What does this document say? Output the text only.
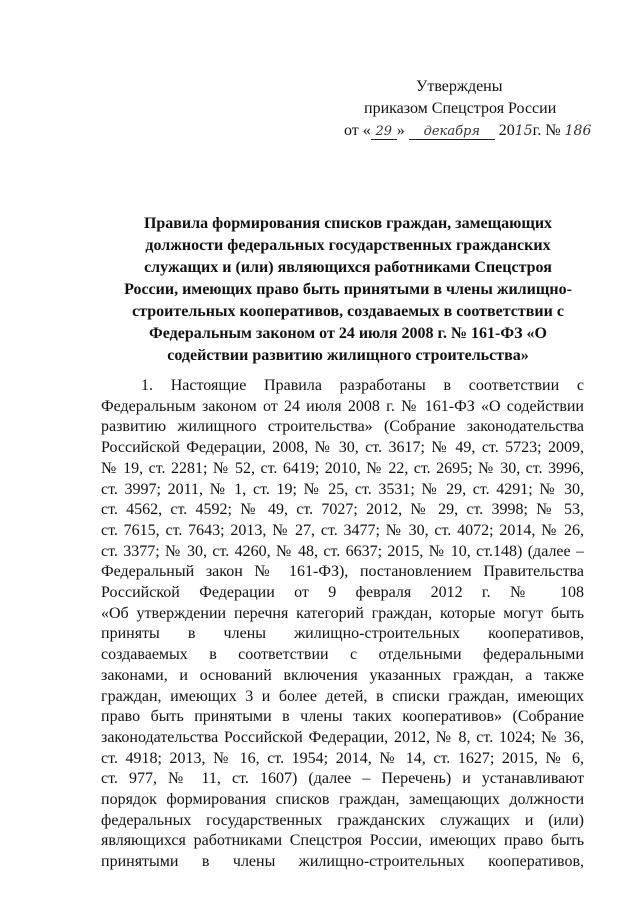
Утверждены
приказом Спецстроя России
от « 29 » декабря 2015г. № 186
Правила формирования списков граждан, замещающих
должности федеральных государственных гражданских
служащих и (или) являющихся работниками Спецстроя
России, имеющих право быть принятыми в члены жилищно-
строительных кооперативов, создаваемых в соответствии с
Федеральным законом от 24 июля 2008 г. № 161-ФЗ «О
содействии развитию жилищного строительства»
1. Настоящие Правила разработаны в соответствии с
Федеральным законом от 24 июля 2008 г. № 161-ФЗ «О содействии
развитию жилищного строительства» (Собрание законодательства
Российской Федерации, 2008, № 30, ст. 3617; № 49, ст. 5723; 2009,
№ 19, ст. 2281; № 52, ст. 6419; 2010, № 22, ст. 2695; № 30, ст. 3996,
ст. 3997; 2011, № 1, ст. 19; № 25, ст. 3531; № 29, ст. 4291; № 30,
ст. 4562, ст. 4592; № 49, ст. 7027; 2012, № 29, ст. 3998; № 53,
ст. 7615, ст. 7643; 2013, № 27, ст. 3477; № 30, ст. 4072; 2014, № 26,
ст. 3377; № 30, ст. 4260, № 48, ст. 6637; 2015, № 10, ст.148) (далее –
Федеральный закон № 161-ФЗ), постановлением Правительства
Российской Федерации от 9 февраля 2012 г. № 108
«Об утверждении перечня категорий граждан, которые могут быть
приняты в члены жилищно-строительных кооперативов,
создаваемых в соответствии с отдельными федеральными
законами, и оснований включения указанных граждан, а также
граждан, имеющих 3 и более детей, в списки граждан, имеющих
право быть принятыми в члены таких кооперативов» (Собрание
законодательства Российской Федерации, 2012, № 8, ст. 1024; № 36,
ст. 4918; 2013, № 16, ст. 1954; 2014, № 14, ст. 1627; 2015, № 6,
ст. 977, № 11, ст. 1607) (далее – Перечень) и устанавливают
порядок формирования списков граждан, замещающих должности
федеральных государственных гражданских служащих и (или)
являющихся работниками Спецстроя России, имеющих право быть
принятыми в члены жилищно-строительных кооперативов,
